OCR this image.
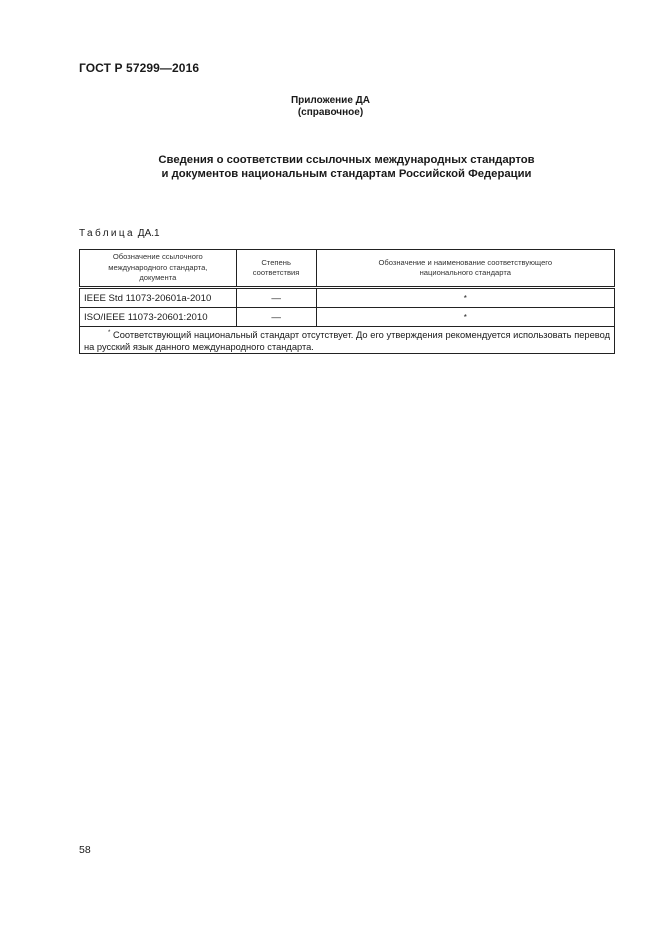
ГОСТ Р 57299—2016
Приложение ДА
(справочное)
Сведения о соответствии ссылочных международных стандартов
и документов национальным стандартам Российской Федерации
Таблица ДА.1
Обозначение ссылочного международного стандарта, документа	Степень соответствия	Обозначение и наименование соответствующего национального стандарта
IEEE Std 11073-20601a-2010	—	*
ISO/IEEE 11073-20601:2010	—	*
* Соответствующий национальный стандарт отсутствует. До его утверждения рекомендуется использовать перевод на русский язык данного международного стандарта.		
58
